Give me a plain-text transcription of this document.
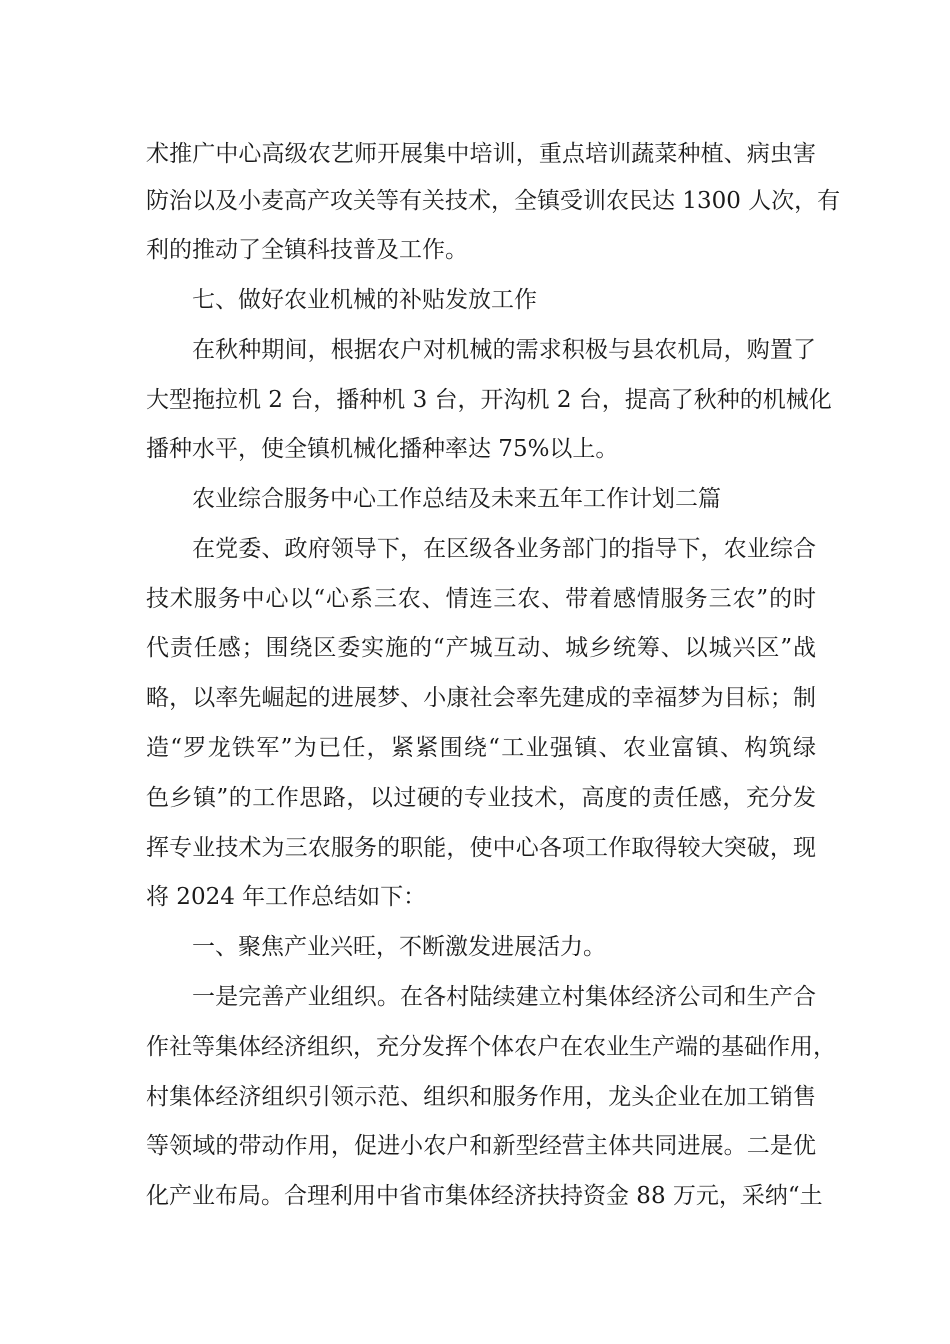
术推广中心高级农艺师开展集中培训，重点培训蔬菜种植、病虫害
防治以及小麦高产攻关等有关技术，全镇受训农民达 1300 人次，有
利的推动了全镇科技普及工作。
七、做好农业机械的补贴发放工作
在秋种期间，根据农户对机械的需求积极与县农机局，购置了
大型拖拉机 2 台，播种机 3 台，开沟机 2 台，提高了秋种的机械化
播种水平，使全镇机械化播种率达 75%以上。
农业综合服务中心工作总结及未来五年工作计划二篇
在党委、政府领导下，在区级各业务部门的指导下，农业综合
技术服务中心以“心系三农、情连三农、带着感情服务三农”的时
代责任感；围绕区委实施的“产城互动、城乡统筹、以城兴区”战
略，以率先崛起的进展梦、小康社会率先建成的幸福梦为目标；制
造“罗龙铁军”为已任，紧紧围绕“工业强镇、农业富镇、构筑绿
色乡镇”的工作思路，以过硬的专业技术，高度的责任感，充分发
挥专业技术为三农服务的职能，使中心各项工作取得较大突破，现
将 2024 年工作总结如下：
一、聚焦产业兴旺，不断激发进展活力。
一是完善产业组织。在各村陆续建立村集体经济公司和生产合
作社等集体经济组织，充分发挥个体农户在农业生产端的基础作用，
村集体经济组织引领示范、组织和服务作用，龙头企业在加工销售
等领域的带动作用，促进小农户和新型经营主体共同进展。二是优
化产业布局。合理利用中省市集体经济扶持资金 88 万元，采纳“土
